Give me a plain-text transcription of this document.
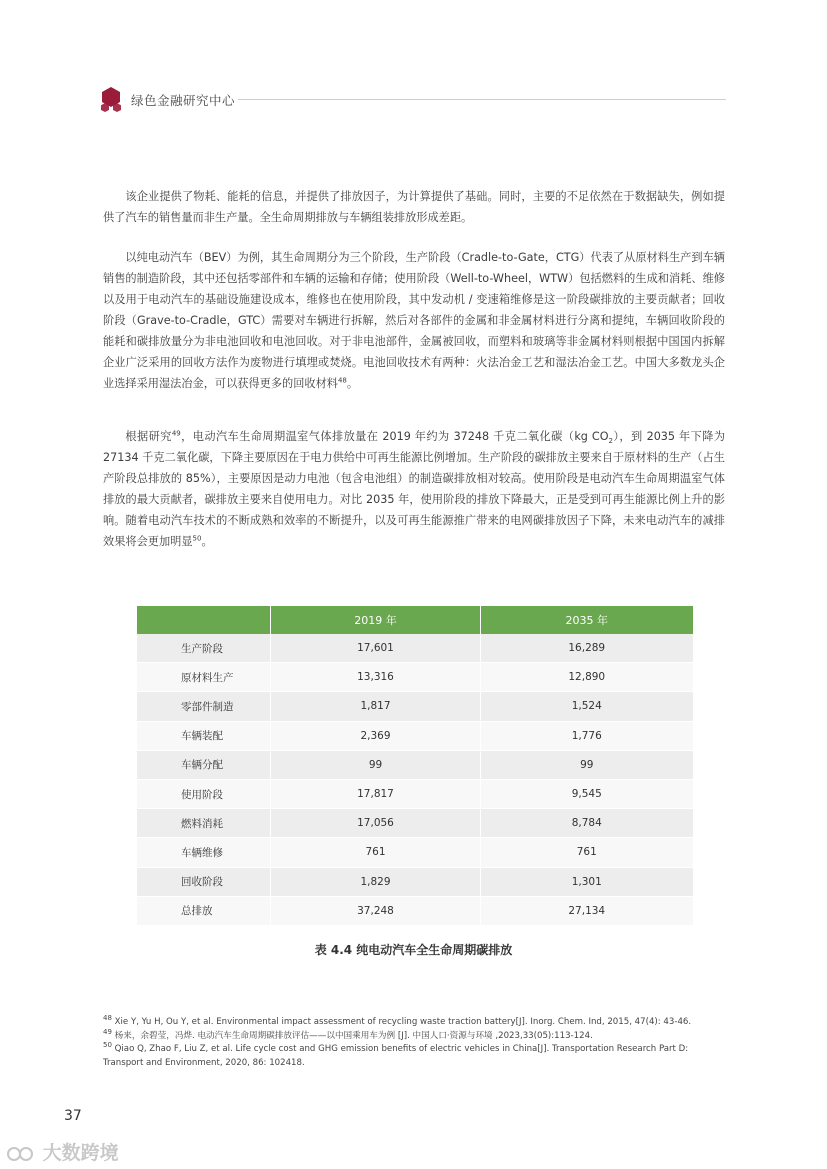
绿色金融研究中心

该企业提供了物耗、能耗的信息，并提供了排放因子，为计算提供了基础。同时，主要的不足依然在于数据缺失，例如提供了汽车的销售量而非生产量。全生命周期排放与车辆组装排放形成差距。

以纯电动汽车（BEV）为例，其生命周期分为三个阶段，生产阶段（Cradle-to-Gate，CTG）代表了从原材料生产到车辆销售的制造阶段，其中还包括零部件和车辆的运输和存储；使用阶段（Well-to-Wheel，WTW）包括燃料的生成和消耗、维修以及用于电动汽车的基础设施建设成本，维修也在使用阶段，其中发动机 / 变速箱维修是这一阶段碳排放的主要贡献者；回收阶段（Grave-to-Cradle，GTC）需要对车辆进行拆解，然后对各部件的金属和非金属材料进行分离和提纯，车辆回收阶段的能耗和碳排放量分为非电池回收和电池回收。对于非电池部件，金属被回收，而塑料和玻璃等非金属材料则根据中国国内拆解企业广泛采用的回收方法作为废物进行填埋或焚烧。电池回收技术有两种：火法冶金工艺和湿法冶金工艺。中国大多数龙头企业选择采用湿法冶金，可以获得更多的回收材料$^{48}$。

根据研究$^{49}$，电动汽车生命周期温室气体排放量在 2019 年约为 37248 千克二氧化碳（kg $CO_2$），到 2035 年下降为 27134 千克二氧化碳，下降主要原因在于电力供给中可再生能源比例增加。生产阶段的碳排放主要来自于原材料的生产（占生产阶段总排放的 85%），主要原因是动力电池（包含电池组）的制造碳排放相对较高。使用阶段是电动汽车生命周期温室气体排放的最大贡献者，碳排放主要来自使用电力。对比 2035 年，使用阶段的排放下降最大，正是受到可再生能源比例上升的影响。随着电动汽车技术的不断成熟和效率的不断提升，以及可再生能源推广带来的电网碳排放因子下降，未来电动汽车的减排效果将会更加明显$^{50}$。

	2019 年	2035 年
生产阶段	17,601	16,289
原材料生产	13,316	12,890
零部件制造	1,817	1,524
车辆装配	2,369	1,776
车辆分配	99	99
使用阶段	17,817	9,545
燃料消耗	17,056	8,784
车辆维修	761	761
回收阶段	1,829	1,301
总排放	37,248	27,134
表 4.4 纯电动汽车全生命周期碳排放

$^{48}$ Xie Y, Yu H, Ou Y, et al. Environmental impact assessment of recycling waste traction battery[J]. Inorg. Chem. Ind, 2015, 47(4): 43-46.

$^{49}$ 杨来，余碧莹，冯烨. 电动汽车生命周期碳排放评估——以中国乘用车为例 [J]. 中国人口·资源与环境 ,2023,33(05):113-124.

$^{50}$ Qiao Q, Zhao F, Liu Z, et al. Life cycle cost and GHG emission benefits of electric vehicles in China[J]. Transportation Research Part D: Transport and Environment, 2020, 86: 102418.

37
大数跨境
